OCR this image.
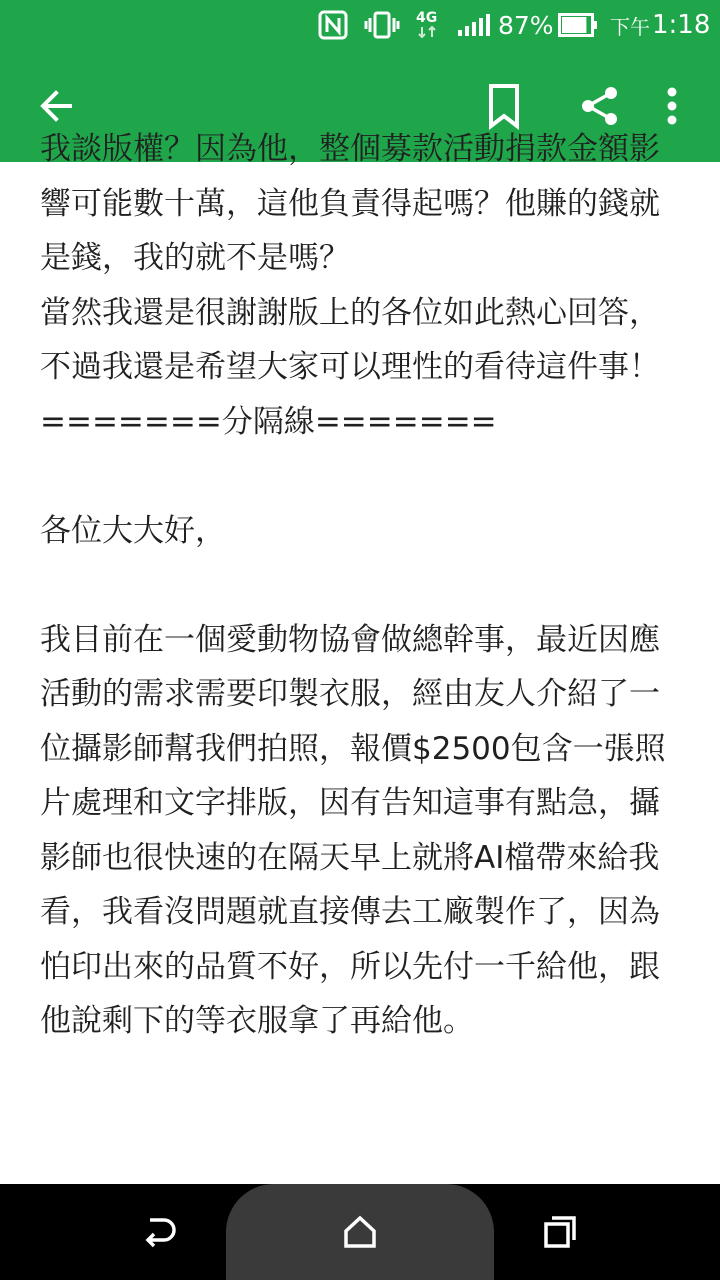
4G 87%	下午 1:18
我談版權？因為他，整個募款活動捐款金額影響可能數十萬，這他負責得起嗎？他賺的錢就是錢，我的就不是嗎？
當然我還是很謝謝版上的各位如此熱心回答，不過我還是希望大家可以理性的看待這件事！
=======分隔線=======

各位大大好，

我目前在一個愛動物協會做總幹事，最近因應活動的需求需要印製衣服，經由友人介紹了一位攝影師幫我們拍照，報價$2500包含一張照片處理和文字排版，因有告知這事有點急，攝影師也很快速的在隔天早上就將AI檔帶來給我看，我看沒問題就直接傳去工廠製作了，因為怕印出來的品質不好，所以先付一千給他，跟他說剩下的等衣服拿了再給他。
